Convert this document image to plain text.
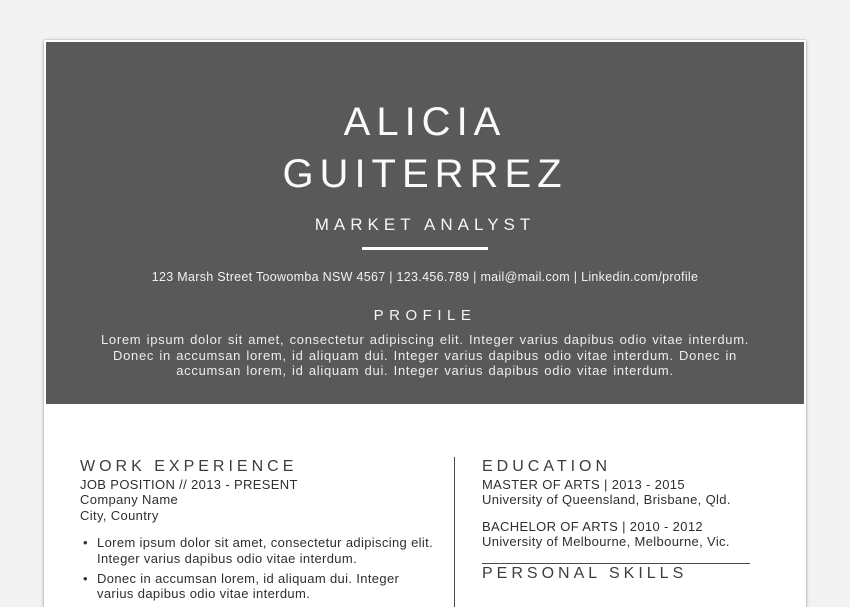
ALICIA
GUITERREZ
MARKET ANALYST
123 Marsh Street Toowomba NSW 4567 | 123.456.789 | mail@mail.com | Linkedin.com/profile
PROFILE

Lorem ipsum dolor sit amet, consectetur adipiscing elit. Integer varius dapibus odio vitae interdum. Donec in accumsan lorem, id aliquam dui. Integer varius dapibus odio vitae interdum. Donec in accumsan lorem, id aliquam dui. Integer varius dapibus odio vitae interdum.

WORK EXPERIENCE
JOB POSITION // 2013 - PRESENT
Company Name
City, Country
• Lorem ipsum dolor sit amet, consectetur adipiscing elit. Integer varius dapibus odio vitae interdum.
• Donec in accumsan lorem, id aliquam dui. Integer varius dapibus odio vitae interdum.
EDUCATION
MASTER OF ARTS | 2013 - 2015
University of Queensland, Brisbane, Qld.
BACHELOR OF ARTS | 2010 - 2012
University of Melbourne, Melbourne, Vic.
PERSONAL SKILLS
